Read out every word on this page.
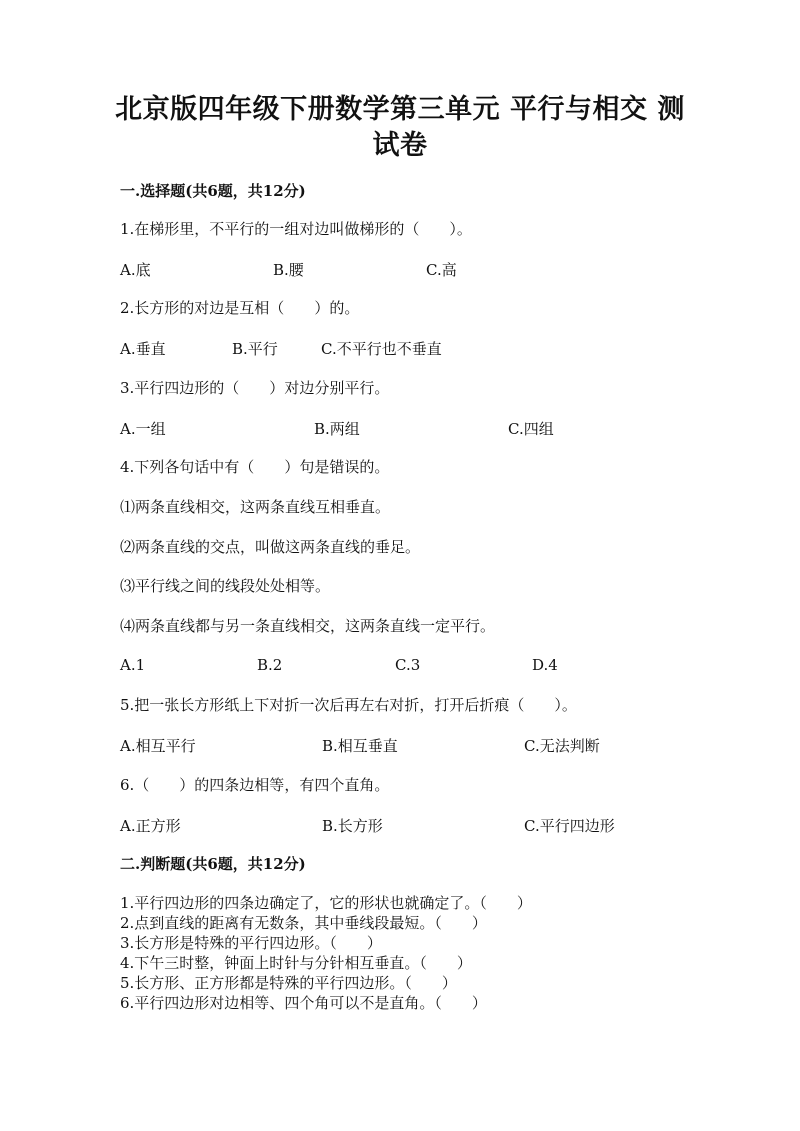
北京版四年级下册数学第三单元 平行与相交 测试卷
一.选择题(共6题，共12分)
1.在梯形里，不平行的一组对边叫做梯形的（　　）。
A.底	B.腰	C.高
2.长方形的对边是互相（　　）的。
A.垂直	B.平行	C.不平行也不垂直
3.平行四边形的（　　）对边分别平行。
A.一组	B.两组	C.四组
4.下列各句话中有（　　）句是错误的。
⑴两条直线相交，这两条直线互相垂直。
⑵两条直线的交点，叫做这两条直线的垂足。
⑶平行线之间的线段处处相等。
⑷两条直线都与另一条直线相交，这两条直线一定平行。
A.1	B.2	C.3	D.4
5.把一张长方形纸上下对折一次后再左右对折，打开后折痕（　　）。
A.相互平行	B.相互垂直	C.无法判断
6.（　　）的四条边相等，有四个直角。
A.正方形	B.长方形	C.平行四边形
二.判断题(共6题，共12分)
1.平行四边形的四条边确定了，它的形状也就确定了。（　　）
2.点到直线的距离有无数条，其中垂线段最短。（　　）
3.长方形是特殊的平行四边形。（　　）
4.下午三时整，钟面上时针与分针相互垂直。（　　）
5.长方形、正方形都是特殊的平行四边形。（　　）
6.平行四边形对边相等、四个角可以不是直角。（　　）
